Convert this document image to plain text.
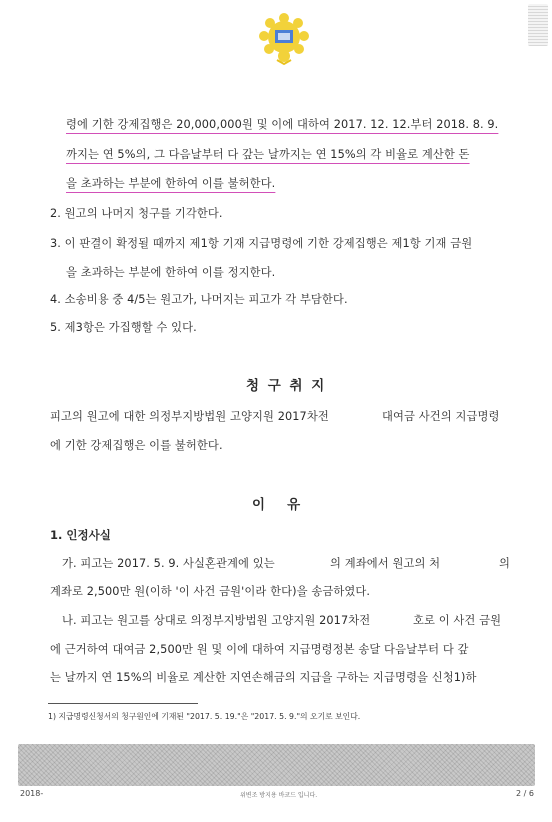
령에 기한 강제집행은 20,000,000원 및 이에 대하여 2017. 12. 12.부터 2018. 8. 9.
까지는 연 5%의, 그 다음날부터 다 갚는 날까지는 연 15%의 각 비율로 계산한 돈
을 초과하는 부분에 한하여 이를 불허한다.
2. 원고의 나머지 청구를 기각한다.
3. 이 판결이 확정될 때까지 제1항 기재 지급명령에 기한 강제집행은 제1항 기재 금원
을 초과하는 부분에 한하여 이를 정지한다.
4. 소송비용 중 4/5는 원고가, 나머지는 피고가 각 부담한다.
5. 제3항은 가집행할 수 있다.
청 구 취 지
피고의 원고에 대한 의정부지방법원 고양지원 2017차전	대여금 사건의 지급명령
에 기한 강제집행은 이를 불허한다.
이   유
1. 인정사실
가. 피고는 2017. 5. 9. 사실혼관계에 있는	의 계좌에서 원고의 처	의
계좌로 2,500만 원(이하 '이 사건 금원'이라 한다)을 송금하였다.
나. 피고는 원고를 상대로 의정부지방법원 고양지원 2017차전	호로 이 사건 금원
에 근거하여 대여금 2,500만 원 및 이에 대하여 지급명령정본 송달 다음날부터 다 갚
는 날까지 연 15%의 비율로 계산한 지연손해금의 지급을 구하는 지급명령을 신청1)하
1) 지급명령신청서의 청구원인에 기재된 "2017. 5. 19."은 "2017. 5. 9."의 오기로 보인다.
2018-	위변조 방지용 바코드 입니다.	2 / 6
